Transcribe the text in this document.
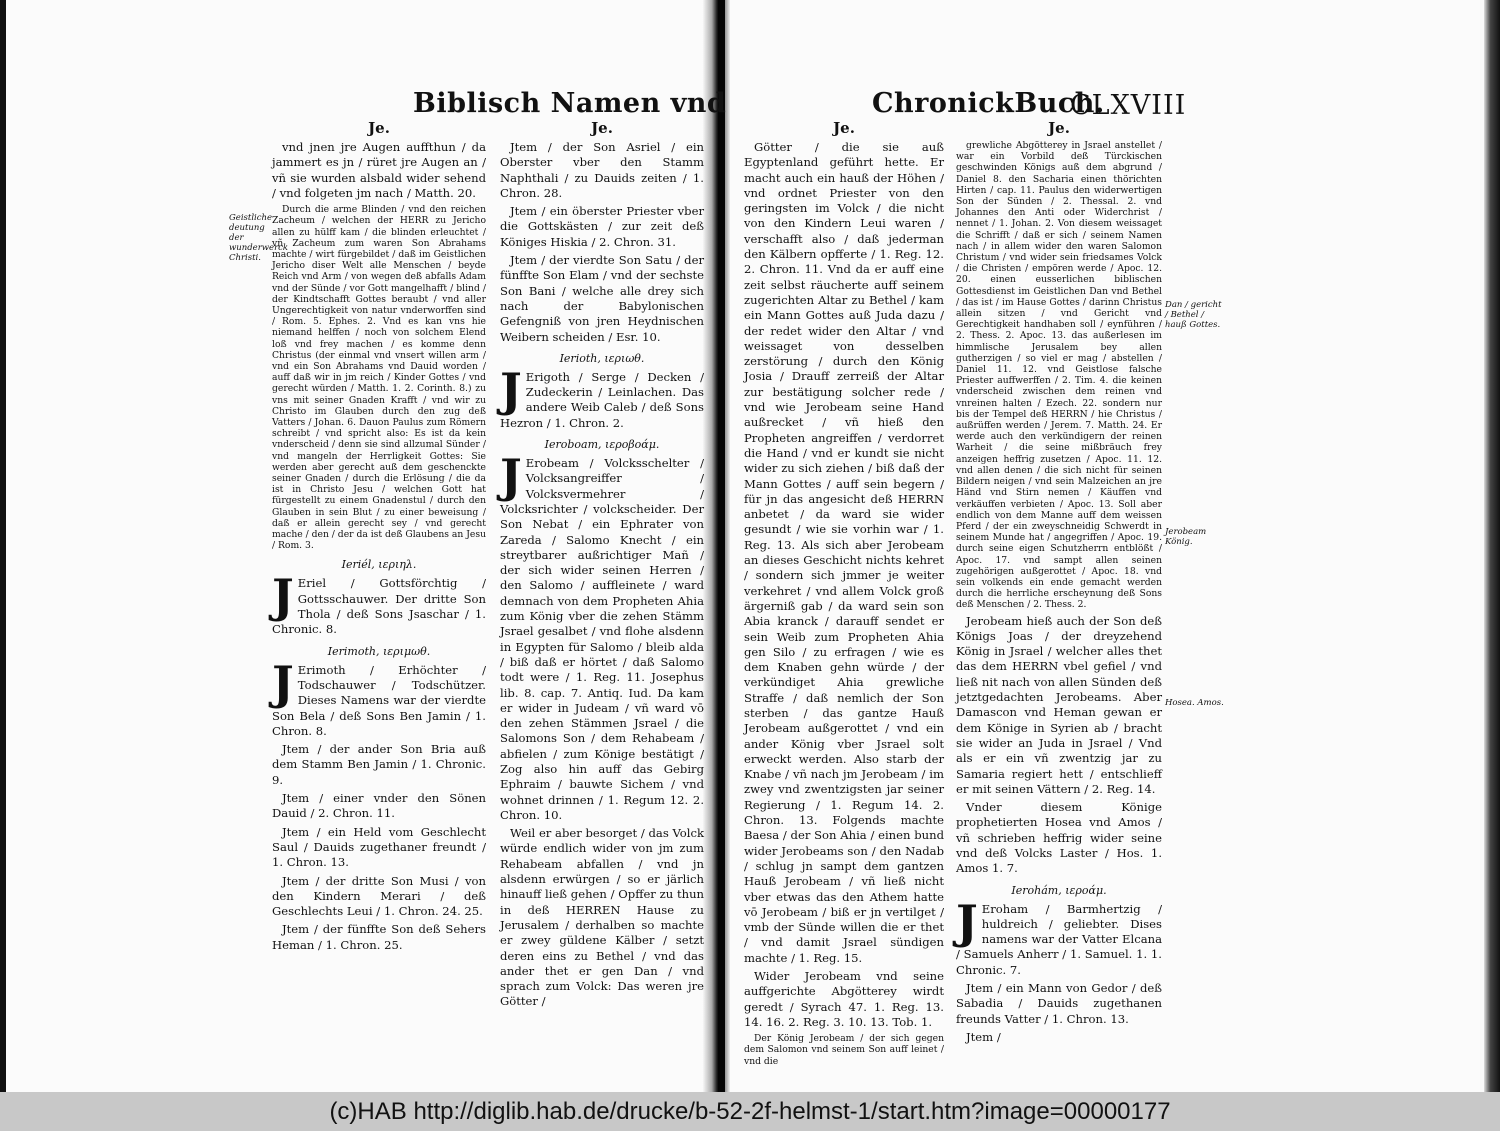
Biblisch Namen vnd	ChronickBuch.
CLXVIII
Geistliche deutung der wunderwerck Christi.
Dan / gericht / Bethel / hauß Gottes.
Jerobeam König.
Hosea. Amos.
Je.

vnd jnen jre Augen auffthun / da jammert es jn / rüret jre Augen an / vñ sie wurden alsbald wider sehend / vnd folgeten jm nach / Matth. 20.

Durch die arme Blinden / vnd den reichen Zacheum / welchen der HERR zu Jericho allen zu hülff kam / die blinden erleuchtet / vñ Zacheum zum waren Son Abrahams machte / wirt fürgebildet / daß im Geistlichen Jericho diser Welt alle Menschen / beyde Reich vnd Arm / von wegen deß abfalls Adam vnd der Sünde / vor Gott mangelhafft / blind / der Kindtschafft Gottes beraubt / vnd aller Ungerechtigkeit von natur vnderworffen sind / Rom. 5. Ephes. 2. Vnd es kan vns hie niemand helffen / noch von solchem Elend loß vnd frey machen / es komme denn Christus (der einmal vnd vnsert willen arm / vnd ein Son Abrahams vnd Dauid worden / auff daß wir in jm reich / Kinder Gottes / vnd gerecht würden / Matth. 1. 2. Corinth. 8.) zu vns mit seiner Gnaden Krafft / vnd wir zu Christo im Glauben durch den zug deß Vatters / Johan. 6. Dauon Paulus zum Römern schreibt / vnd spricht also: Es ist da kein vnderscheid / denn sie sind allzumal Sünder / vnd mangeln der Herrligkeit Gottes: Sie werden aber gerecht auß dem geschenckte seiner Gnaden / durch die Erlösung / die da ist in Christo Jesu / welchen Gott hat fürgestellt zu einem Gnadenstul / durch den Glauben in sein Blut / zu einer beweisung / daß er allein gerecht sey / vnd gerecht mache / den / der da ist deß Glaubens an Jesu / Rom. 3.

Ieriél, ιεριηλ.

J Eriel / Gottsförchtig / Gottsschauwer. Der dritte Son Thola / deß Sons Jsaschar / 1. Chronic. 8.

Ierimoth, ιεριμωθ.

J Erimoth / Erhöchter / Todschauwer / Todschützer. Dieses Namens war der vierdte Son Bela / deß Sons Ben Jamin / 1. Chron. 8.

Jtem / der ander Son Bria auß dem Stamm Ben Jamin / 1. Chronic. 9.

Jtem / einer vnder den Sönen Dauid / 2. Chron. 11.

Jtem / ein Held vom Geschlecht Saul / Dauids zugethaner freundt / 1. Chron. 13.

Jtem / der dritte Son Musi / von den Kindern Merari / deß Geschlechts Leui / 1. Chron. 24. 25.

Jtem / der fünffte Son deß Sehers Heman / 1. Chron. 25.

Je.

Jtem / der Son Asriel / ein Oberster vber den Stamm Naphthali / zu Dauids zeiten / 1. Chron. 28.

Jtem / ein öberster Priester vber die Gottskästen / zur zeit deß Königes Hiskia / 2. Chron. 31.

Jtem / der vierdte Son Satu / der fünffte Son Elam / vnd der sechste Son Bani / welche alle drey sich nach der Babylonischen Gefengniß von jren Heydnischen Weibern scheiden / Esr. 10.

Ierioth, ιεριωθ.

J Erigoth / Serge / Decken / Zudeckerin / Leinlachen. Das andere Weib Caleb / deß Sons Hezron / 1. Chron. 2.

Ieroboam, ιεροβοάμ.

J Erobeam / Volcksschelter / Volcksangreiffer / Volcksvermehrer / Volcksrichter / volckscheider. Der Son Nebat / ein Ephrater von Zareda / Salomo Knecht / ein streytbarer außrichtiger Mañ / der sich wider seinen Herren / den Salomo / auffleinete / ward demnach von dem Propheten Ahia zum König vber die zehen Stämm Jsrael gesalbet / vnd flohe alsdenn in Egypten für Salomo / bleib alda / biß daß er hörtet / daß Salomo todt were / 1. Reg. 11. Josephus lib. 8. cap. 7. Antiq. Iud. Da kam er wider in Judeam / vñ ward vō den zehen Stämmen Jsrael / die Salomons Son / dem Rehabeam / abfielen / zum Könige bestätigt / Zog also hin auff das Gebirg Ephraim / bauwte Sichem / vnd wohnet drinnen / 1. Regum 12. 2. Chron. 10.

Weil er aber besorget / das Volck würde endlich wider von jm zum Rehabeam abfallen / vnd jn alsdenn erwürgen / so er järlich hinauff ließ gehen / Opffer zu thun in deß HERREN Hause zu Jerusalem / derhalben so machte er zwey güldene Kälber / setzt deren eins zu Bethel / vnd das ander thet er gen Dan / vnd sprach zum Volck: Das weren jre Götter /

Je.

Götter / die sie auß Egyptenland geführt hette. Er macht auch ein hauß der Höhen / vnd ordnet Priester von den geringsten im Volck / die nicht von den Kindern Leui waren / verschafft also / daß jederman den Kälbern opfferte / 1. Reg. 12. 2. Chron. 11. Vnd da er auff eine zeit selbst räucherte auff seinem zugerichten Altar zu Bethel / kam ein Mann Gottes auß Juda dazu / der redet wider den Altar / vnd weissaget von desselben zerstörung / durch den König Josia / Drauff zerreiß der Altar zur bestätigung solcher rede / vnd wie Jerobeam seine Hand außrecket / vñ hieß den Propheten angreiffen / verdorret die Hand / vnd er kundt sie nicht wider zu sich ziehen / biß daß der Mann Gottes / auff sein begern / für jn das angesicht deß HERRN anbetet / da ward sie wider gesundt / wie sie vorhin war / 1. Reg. 13. Als sich aber Jerobeam an dieses Geschicht nichts kehret / sondern sich jmmer je weiter verkehret / vnd allem Volck groß ärgerniß gab / da ward sein son Abia kranck / darauff sendet er sein Weib zum Propheten Ahia gen Silo / zu erfragen / wie es dem Knaben gehn würde / der verkündiget Ahia grewliche Straffe / daß nemlich der Son sterben / das gantze Hauß Jerobeam außgerottet / vnd ein ander König vber Jsrael solt erweckt werden. Also starb der Knabe / vñ nach jm Jerobeam / im zwey vnd zwentzigsten jar seiner Regierung / 1. Regum 14. 2. Chron. 13. Folgends machte Baesa / der Son Ahia / einen bund wider Jerobeams son / den Nadab / schlug jn sampt dem gantzen Hauß Jerobeam / vñ ließ nicht vber etwas das den Athem hatte vō Jerobeam / biß er jn vertilget / vmb der Sünde willen die er thet / vnd damit Jsrael sündigen machte / 1. Reg. 15.

Wider Jerobeam vnd seine auffgerichte Abgötterey wirdt geredt / Syrach 47. 1. Reg. 13. 14. 16. 2. Reg. 3. 10. 13. Tob. 1.

Der König Jerobeam / der sich gegen dem Salomon vnd seinem Son auff leinet / vnd die

Je.

grewliche Abgötterey in Jsrael anstellet / war ein Vorbild deß Türckischen geschwinden Königs auß dem abgrund / Daniel 8. den Sacharia einen thörichten Hirten / cap. 11. Paulus den widerwertigen Son der Sünden / 2. Thessal. 2. vnd Johannes den Anti oder Widerchrist / nennet / 1. Johan. 2. Von diesem weissaget die Schrifft / daß er sich / seinem Namen nach / in allem wider den waren Salomon Christum / vnd wider sein friedsames Volck / die Christen / empören werde / Apoc. 12. 20. einen eusserlichen biblischen Gottesdienst im Geistlichen Dan vnd Bethel / das ist / im Hause Gottes / darinn Christus allein sitzen / vnd Gericht vnd Gerechtigkeit handhaben soll / eynführen / 2. Thess. 2. Apoc. 13. das außerlesen im himmlische Jerusalem bey allen gutherzigen / so viel er mag / abstellen / Daniel 11. 12. vnd Geistlose falsche Priester auffwerffen / 2. Tim. 4. die keinen vnderscheid zwischen dem reinen vnd vnreinen halten / Ezech. 22. sondern nur bis der Tempel deß HERRN / hie Christus / außrüffen werden / Jerem. 7. Matth. 24. Er werde auch den verkündigern der reinen Warheit / die seine mißbräuch frey anzeigen heffrig zusetzen / Apoc. 11. 12. vnd allen denen / die sich nicht für seinen Bildern neigen / vnd sein Malzeichen an jre Händ vnd Stirn nemen / Käuffen vnd verkäuffen verbieten / Apoc. 13. Soll aber endlich von dem Manne auff dem weissen Pferd / der ein zweyschneidig Schwerdt in seinem Munde hat / angegriffen / Apoc. 19. durch seine eigen Schutzherrn entblößt / Apoc. 17. vnd sampt allen seinen zugehörigen außgerottet / Apoc. 18. vnd sein volkends ein ende gemacht werden durch die herrliche erscheynung deß Sons deß Menschen / 2. Thess. 2.

Jerobeam hieß auch der Son deß Königs Joas / der dreyzehend König in Jsrael / welcher alles thet das dem HERRN vbel gefiel / vnd ließ nit nach von allen Sünden deß jetztgedachten Jerobeams. Aber Damascon vnd Heman gewan er dem Könige in Syrien ab / bracht sie wider an Juda in Jsrael / Vnd als er ein vñ zwentzig jar zu Samaria regiert hett / entschlieff er mit seinen Vättern / 2. Reg. 14.

Vnder diesem Könige prophetierten Hosea vnd Amos / vñ schrieben heffrig wider seine vnd deß Volcks Laster / Hos. 1. Amos 1. 7.

Ierohám, ιεροάμ.

J Eroham / Barmhertzig / huldreich / geliebter. Dises namens war der Vatter Elcana / Samuels Anherr / 1. Samuel. 1. 1. Chronic. 7.

Jtem / ein Mann von Gedor / deß Sabadia / Dauids zugethanen freunds Vatter / 1. Chron. 13.

Jtem /

(c)HAB http://diglib.hab.de/drucke/b-52-2f-helmst-1/start.htm?image=00000177
